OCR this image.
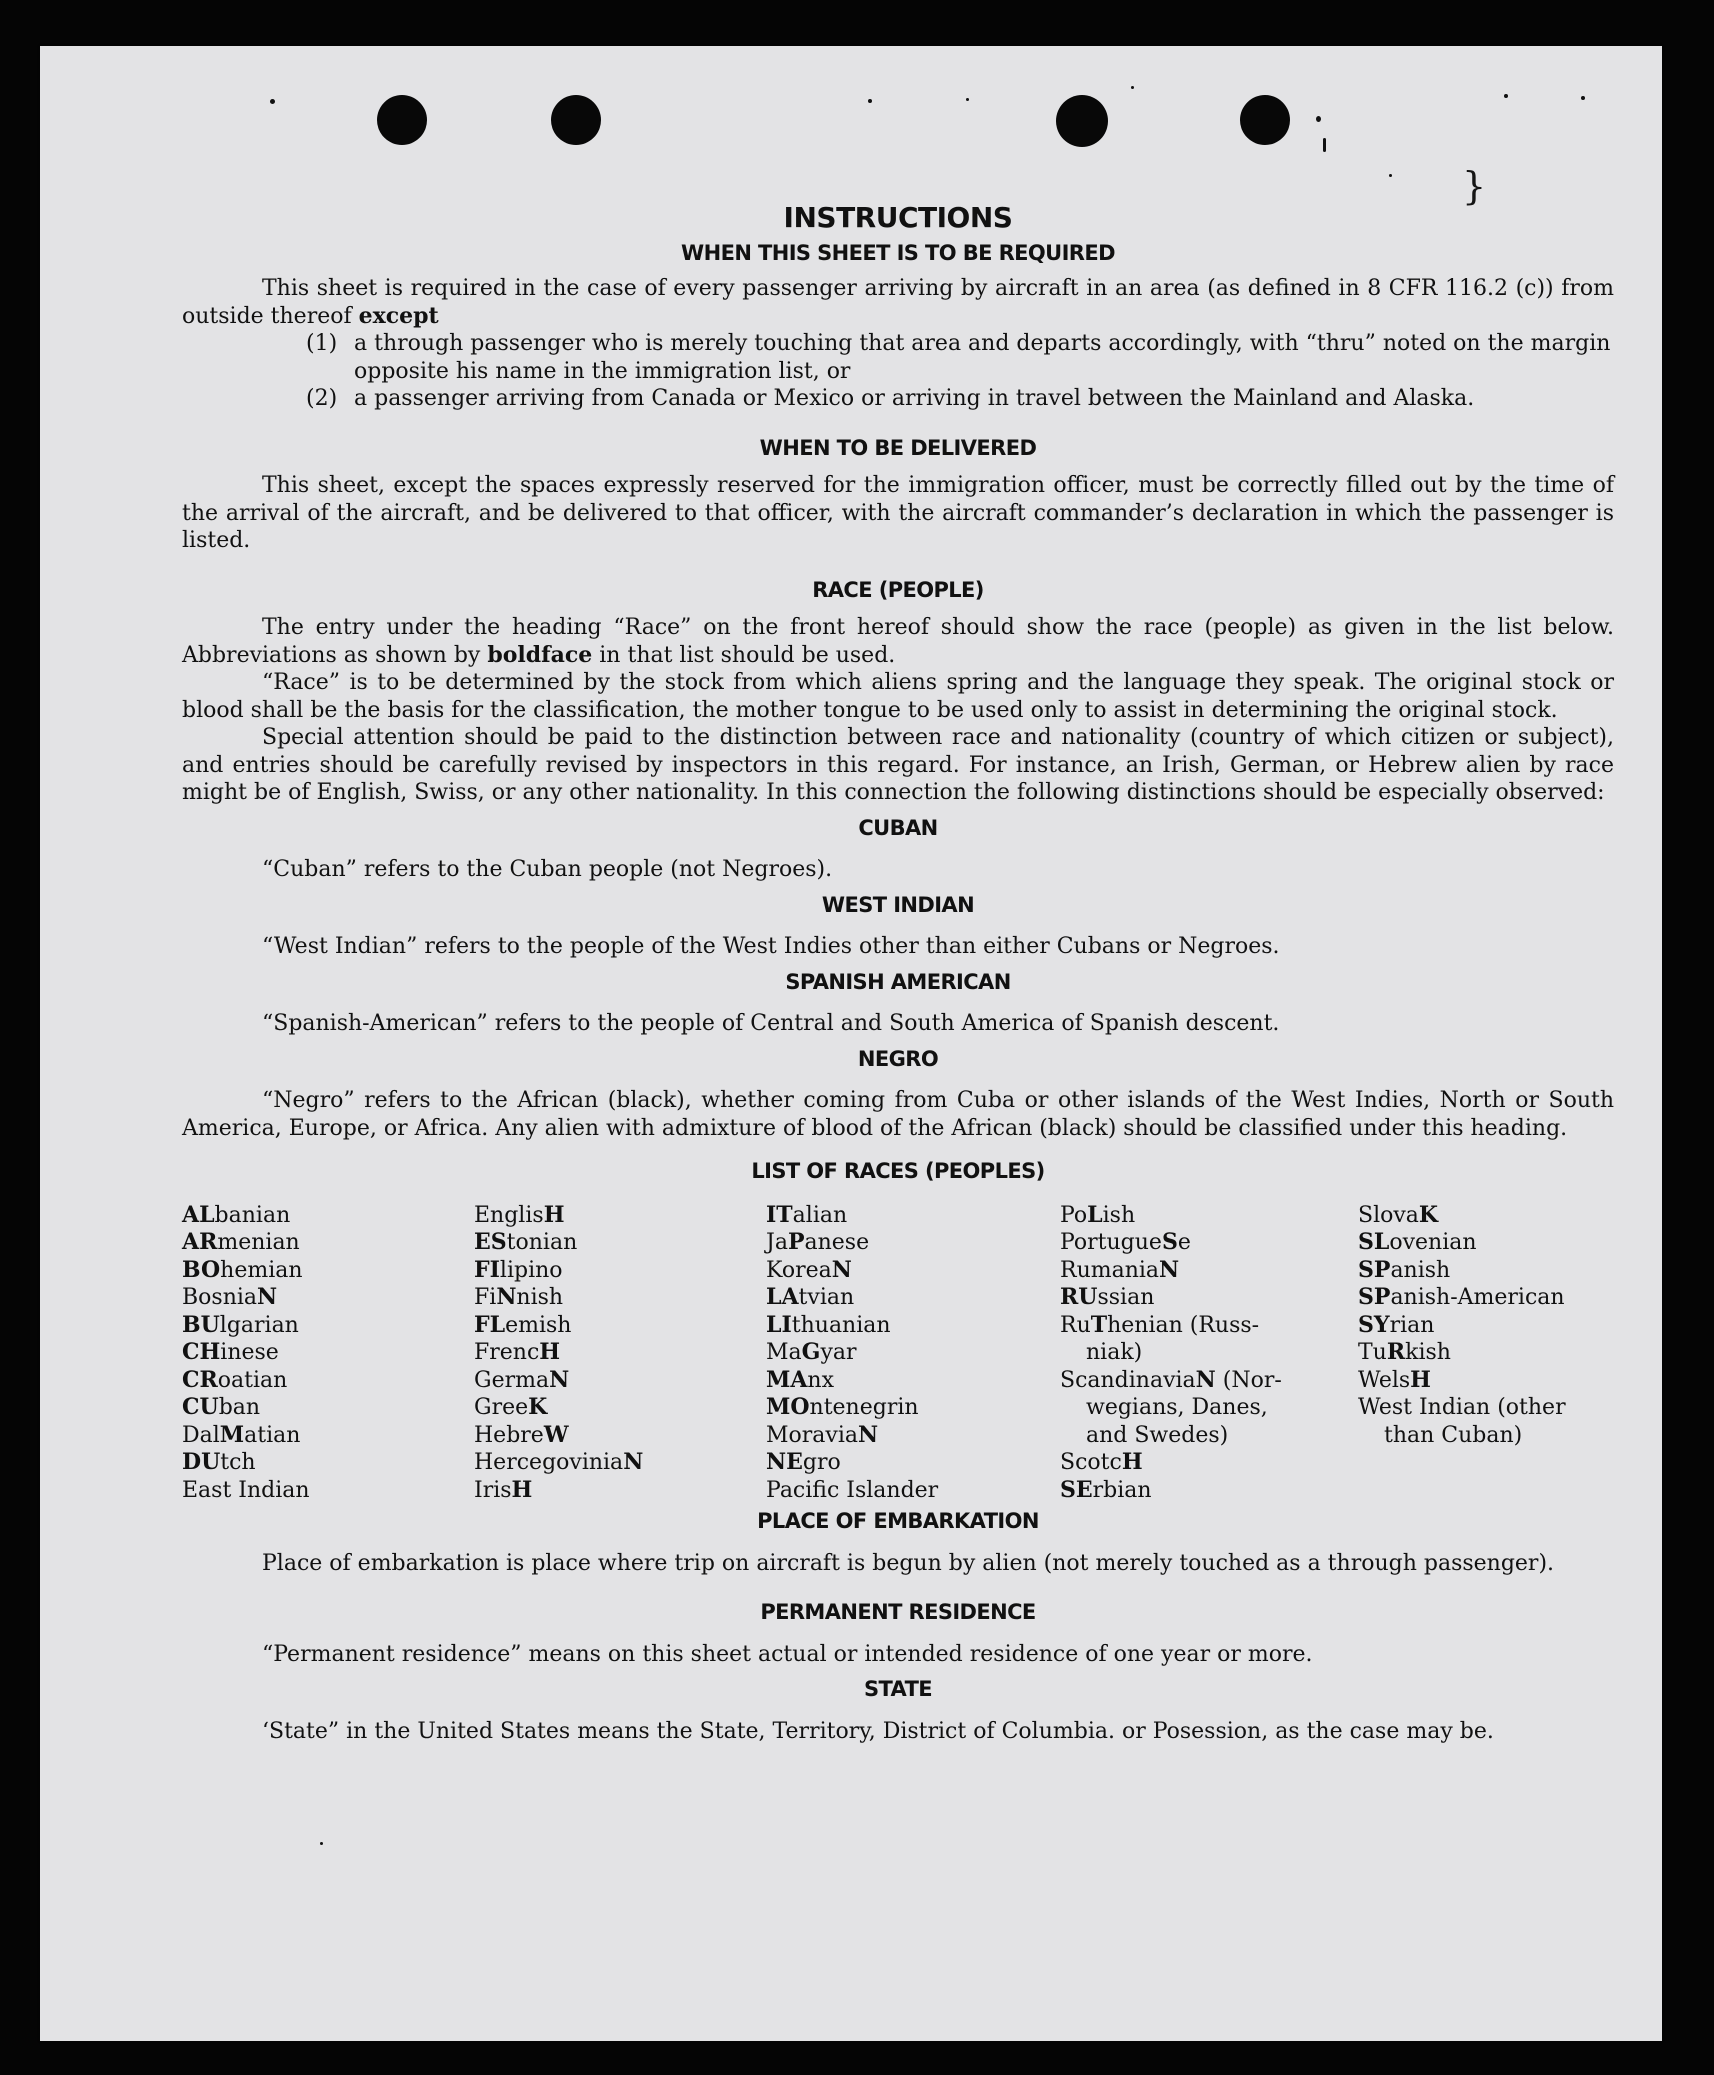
}
INSTRUCTIONS
WHEN THIS SHEET IS TO BE REQUIRED

This sheet is required in the case of every passenger arriving by aircraft in an area (as defined in 8 CFR 116.2 (c)) from outside thereof except

(1) a through passenger who is merely touching that area and departs accordingly, with “thru” noted on the margin opposite his name in the immigration list, or
(2) a passenger arriving from Canada or Mexico or arriving in travel between the Mainland and Alaska.
WHEN TO BE DELIVERED

This sheet, except the spaces expressly reserved for the immigration officer, must be correctly filled out by the time of the arrival of the aircraft, and be delivered to that officer, with the aircraft commander’s declaration in which the passenger is listed.

RACE (PEOPLE)

The entry under the heading “Race” on the front hereof should show the race (people) as given in the list below. Abbreviations as shown by boldface in that list should be used.

“Race” is to be determined by the stock from which aliens spring and the language they speak. The original stock or blood shall be the basis for the classification, the mother tongue to be used only to assist in determining the original stock.

Special attention should be paid to the distinction between race and nationality (country of which citizen or subject), and entries should be carefully revised by inspectors in this regard. For instance, an Irish, German, or Hebrew alien by race might be of English, Swiss, or any other nationality. In this connection the following distinctions should be especially observed:

CUBAN

“Cuban” refers to the Cuban people (not Negroes).

WEST INDIAN

“West Indian” refers to the people of the West Indies other than either Cubans or Negroes.

SPANISH AMERICAN

“Spanish-American” refers to the people of Central and South America of Spanish descent.

NEGRO

“Negro” refers to the African (black), whether coming from Cuba or other islands of the West Indies, North or South America, Europe, or Africa. Any alien with admixture of blood of the African (black) should be classified under this heading.

LIST OF RACES (PEOPLES)
ALbanian
ARmenian
BOhemian
BosniaN
BUlgarian
CHinese
CRoatian
CUban
DalMatian
DUtch
East Indian
EnglisH
EStonian
FIlipino
FiNnish
FLemish
FrencH
GermaN
GreeK
HebreW
HercegoviniaN
IrisH
ITalian
JaPanese
KoreaN
LAtvian
LIthuanian
MaGyar
MAnx
MOntenegrin
MoraviaN
NEgro
Pacific Islander
PoLish
PortugueSe
RumaniaN
RUssian
RuThenian (Russ-
niak)
ScandinaviaN (Nor-
wegians, Danes,
and Swedes)
ScotcH
SErbian
SlovaK
SLovenian
SPanish
SPanish-American
SYrian
TuRkish
WelsH
West Indian (other
than Cuban)
PLACE OF EMBARKATION

Place of embarkation is place where trip on aircraft is begun by alien (not merely touched as a through passenger).

PERMANENT RESIDENCE

“Permanent residence” means on this sheet actual or intended residence of one year or more.

STATE

‘State” in the United States means the State, Territory, District of Columbia. or Posession, as the case may be.
